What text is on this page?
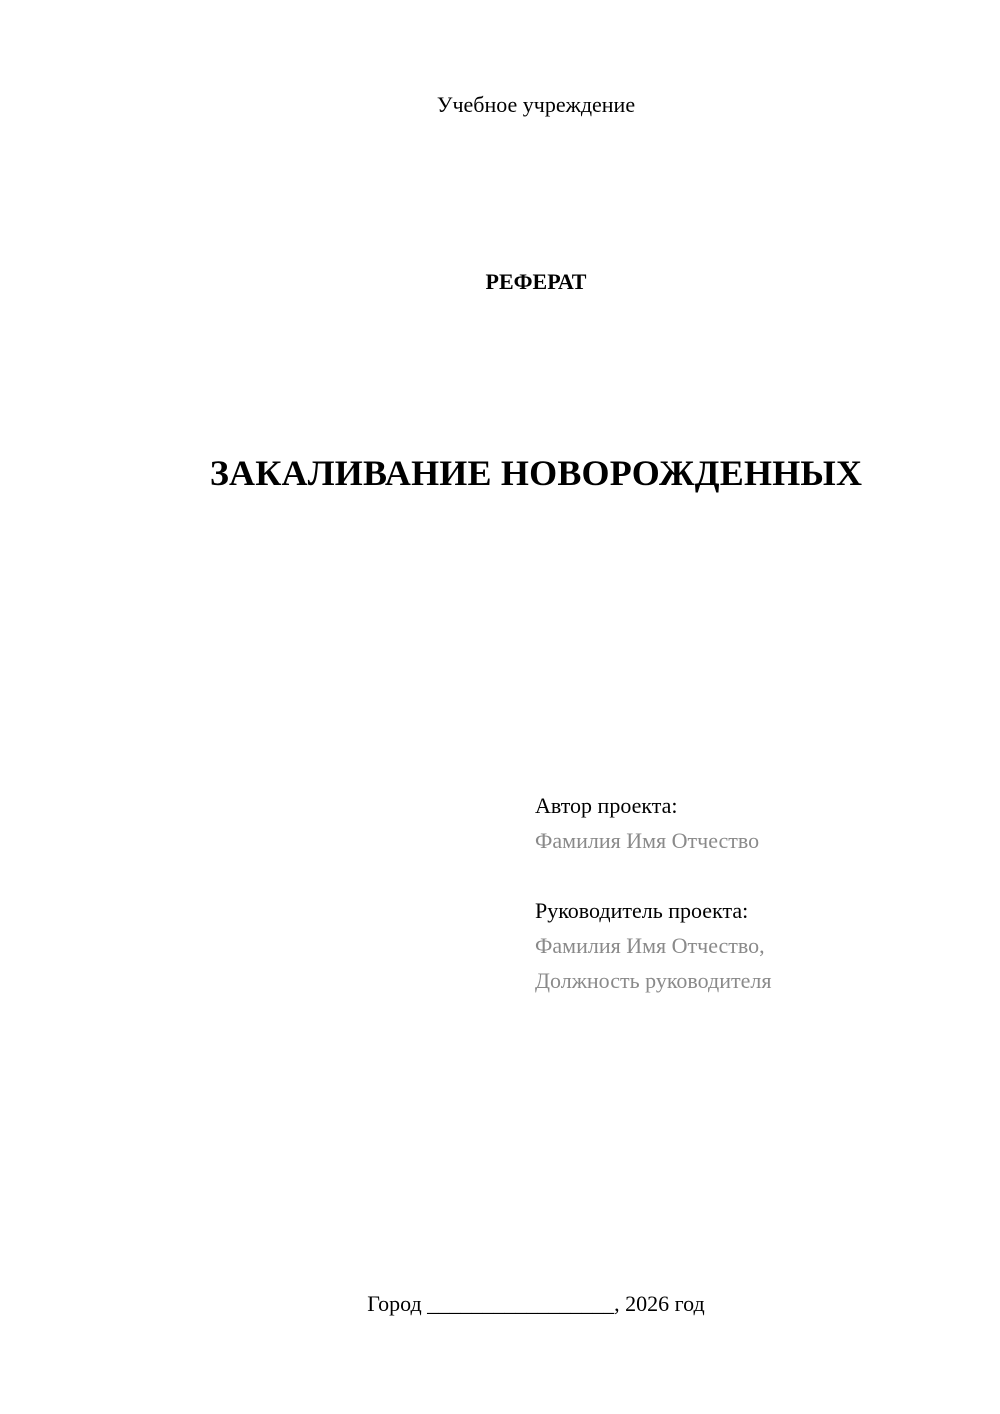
Учебное учреждение
РЕФЕРАТ
ЗАКАЛИВАНИЕ НОВОРОЖДЕННЫХ
Автор проекта:
Фамилия Имя Отчество
Руководитель проекта:
Фамилия Имя Отчество,
Должность руководителя
Город _________________, 2026 год
